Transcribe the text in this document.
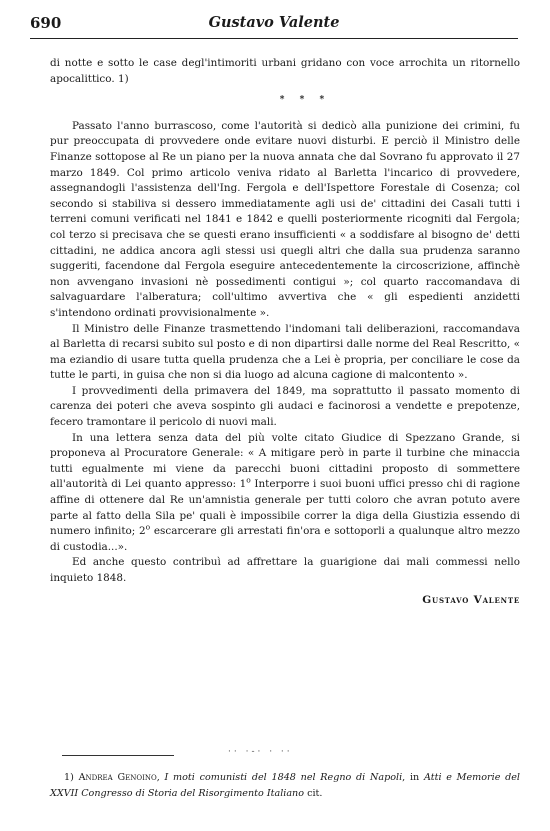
690	Gustavo Valente

di notte e sotto le case degl'intimoriti urbani gridano con voce arrochita un ritornello apocalittico. 1)

* * *

Passato l'anno burrascoso, come l'autorità si dedicò alla punizione dei crimini, fu pur preoccupata di provvedere onde evitare nuovi disturbi. E perciò il Ministro delle Finanze sottopose al Re un piano per la nuova annata che dal Sovrano fu approvato il 27 marzo 1849. Col primo articolo veniva ridato al Barletta l'incarico di provvedere, assegnandogli l'assistenza dell'Ing. Fergola e dell'Ispettore Forestale di Cosenza; col secondo si stabiliva si dessero immediatamente agli usi de' cittadini dei Casali tutti i terreni comuni verificati nel 1841 e 1842 e quelli posteriormente ricogniti dal Fergola; col terzo si precisava che se questi erano insufficienti « a soddisfare al bisogno de' detti cittadini, ne addica ancora agli stessi usi quegli altri che dalla sua prudenza saranno suggeriti, facendone dal Fergola eseguire antecedentemente la circoscrizione, affinchè non avvengano invasioni nè possedimenti contigui »; col quarto raccomandava di salvaguardare l'alberatura; coll'ultimo avvertiva che « gli espedienti anzidetti s'intendono ordinati provvisionalmente ».

Il Ministro delle Finanze trasmettendo l'indomani tali deliberazioni, raccomandava al Barletta di recarsi subito sul posto e di non dipartirsi dalle norme del Real Rescritto, « ma eziandio di usare tutta quella prudenza che a Lei è propria, per conciliare le cose da tutte le parti, in guisa che non si dia luogo ad alcuna cagione di malcontento ».

I provvedimenti della primavera del 1849, ma soprattutto il passato momento di carenza dei poteri che aveva sospinto gli audaci e facinorosi a vendette e prepotenze, fecero tramontare il pericolo di nuovi mali.

In una lettera senza data del più volte citato Giudice di Spezzano Grande, si proponeva al Procuratore Generale: « A mitigare però in parte il turbine che minaccia tutti egualmente mi viene da parecchi buoni cittadini proposto di sommettere all'autorità di Lei quanto appresso: 1$^o$ Interporre i suoi buoni uffici presso chi di ragione affine di ottenere dal Re un'amnistia generale per tutti coloro che avran potuto avere parte al fatto della Sila pe' quali è impossibile correr la diga della Giustizia essendo di numero infinito; 2$^o$ escarcerare gli arrestati fin'ora e sottoporli a qualunque altro mezzo di custodia...».

Ed anche questo contribuì ad affrettare la guarigione dai mali commessi nello inquieto 1848.

Gustavo Valente
·· ·-· · ··

1) Andrea Genoino, I moti comunisti del 1848 nel Regno di Napoli, in Atti e Memorie del XXVII Congresso di Storia del Risorgimento Italiano cit.
